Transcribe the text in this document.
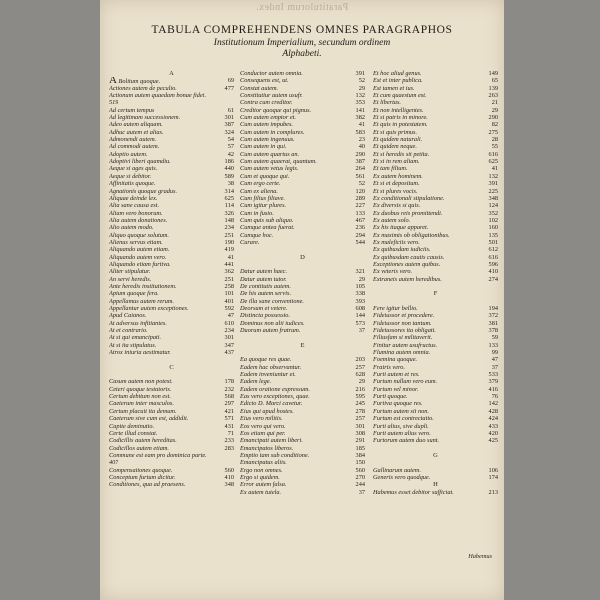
Paratitulorum Index.
TABULA COMPREHENDENS OMNES PARAGRAPHOS
Institutionum Imperialium, secundum ordinem
Alphabeti.
A
A Bolitum quoque.	69
Actiones autem de peculio.	477
Actionum autem quaedam bonae fidei.
519
Ad certum tempus	61
Ad legitimam successionem.	301
Adeo autem aliquam.	387
Adhuc autem et alias.	324
Admonendi autem.	54
Ad commodi autem.	57
Adoptio autem.	42
Adoptivi liberi quamdiu.	186
Aeque si ages quis.	440
Aeque si debitor.	589
Affinitatis quoque.	38
Agnationis quoque gradus.	314
Aliquae deinde lex.	625
Alia sane causa est.	114
Aliam vero bonorum.	326
Alia autem donationes.	148
Alio autem modo.	234
Aliquo quoque solutum.	251
Alienus servus etiam.	190
Aliquando autem etiam.	419
Aliquando autem vero.	41
Aliquando etiam furtiva.	441
Aliter stipulatur.	362
An servi heredis.	251
Ante heredis institutionem.	258
Apium quoque fera.	101
Appellamus autem rerum.	401
Appellantur autem exceptiones.	592
Apud Caianos.	47
At adversus infitiantes.	610
At et contrario.	234
At si qui emancipati.	301
At si ita stipulatus.	347
Atrox iniuria aestimatur.	437
C
Casum autem non potest.	178
Ceteri quoque testatoris.	232
Certum debitum non est.	568
Caeterum inter masculos.	297
Certum placuit ita demum.	421
Caeterum sive cum est, addidit.	571
Capite deminutio.	431
Certe illud constat.	71
Codicillis autem hereditas.	233
Codicillos autem etiam.	283
Commune est eam pro dominica parte.
407
Compensationes quoque.	560
Conceptum furtum dicitur.	410
Conditiones, qua ad praesens.	348
Conductor autem omnia.	391
Consequens est, ut.	52
Constat autem.	29
Constitutiur autem usufr.	132
Contra cum creditor.	353
Creditor quoque qui pignus.	141
Cum autem emptor et.	382
Cum autem impubes.	41
Cum autem in complures.	583
Cum autem ingenuus.	23
Cum autem in qui.	40
Cum autem quartus an.	290
Cum autem quaerat, quantum.	387
Cum autem vetus legis.	264
Cum et quoque qui.	561
Cum ergo certe.	52
Cum ex aliena.	120
Cum filius filiave.	289
Cum igitur plures.	227
Cum in fusio.	133
Cum quis sub aliquo.	467
Cumque antea fuerat.	236
Cumque hoc.	294
Curare.	544
D
Datur autem haec.	321
Datur autem tutor.	29
De contitutis autem.	105
De his autem servis.	338
De illa sane conventione.	393
Deorsum et vetere.	608
Distincta possessio.	144
Dominus non alii iudices.	573
Duorum autem fratrum.	37
E
Ea quoque res quae.	203
Eadem hac observantur.	257
Eadem inveniuntur et.	628
Eadem lege.	29
Eadem oratione expressum.	216
Eas vero exceptiones, quae.	595
Edicto D. Marci cavetur.	245
Eius qui apud hostes.	278
Eius vero militis.	257
Eos vero qui vero.	301
Eos etiam qui per.	308
Emancipati autem liberi.	291
Emancipatos liberos.	185
Emptio tam sub conditione.	384
Emancipatus aliis.	150
Ergo non omnes.	560
Ergo si quidem.	270
Error autem falsa.	244
Ex autem tutela.	37
Et hoc aliud genus.	149
Est et inter publica.	65
Est tamen et ius.	139
Et cum quaestum est.	263
Et libertas.	21
Et non intelligentes.	29
Et si patris in minore.	290
Et quis in potestatem.	82
Et si quis primus.	275
Et quidem naturali.	28
Et quidem neque.	55
Et si heredis sit petita.	616
Et si in rem aliam.	625
Et tam filium.	41
Ex autem hominem.	132
Et si et depositum.	391
Et si plures vocis.	225
Ex conditionali stipulatione.	348
Ex diversis si quis.	124
Ex duobus reis promittendi.	352
Ex autem solo.	102
Ex his itaque apparet.	160
Ex maximis ob obligationibus.	135
Ex maleficiis vero.	501
Ex quibusdam iudiciis.	612
Ex quibusdam cautis causis.	616
Exceptiones autem quibus.	596
Ex veteris vero.	410
Extraneis autem heredibus.	274
F
Fere igitur bellio.	194
Fideiussor et procedere.	372
Fideiussor non tantum.	381
Fideiussores ita obligati.	378
Filiusfam si militaverit.	59
Finitur autem usufructus.	133
Flumina autem omnia.	99
Foemina quoque.	47
Fratris vero.	37
Furti autem et res.	533
Furtum nullum vero eum.	379
Furtum vel minor.	416
Furti quoque.	76
Furtiva quoque res.	142
Furtum autem sit non.	428
Furtum est contrectatio.	424
Furti alius, sive dupli.	433
Furti autem alius vero.	420
Furtorum autem duo sunt.	425
G
Gallinarum autem.	106
Generis vero quodque.	174
H
Habemus esset debitor sufficiat.	213
Habemus
